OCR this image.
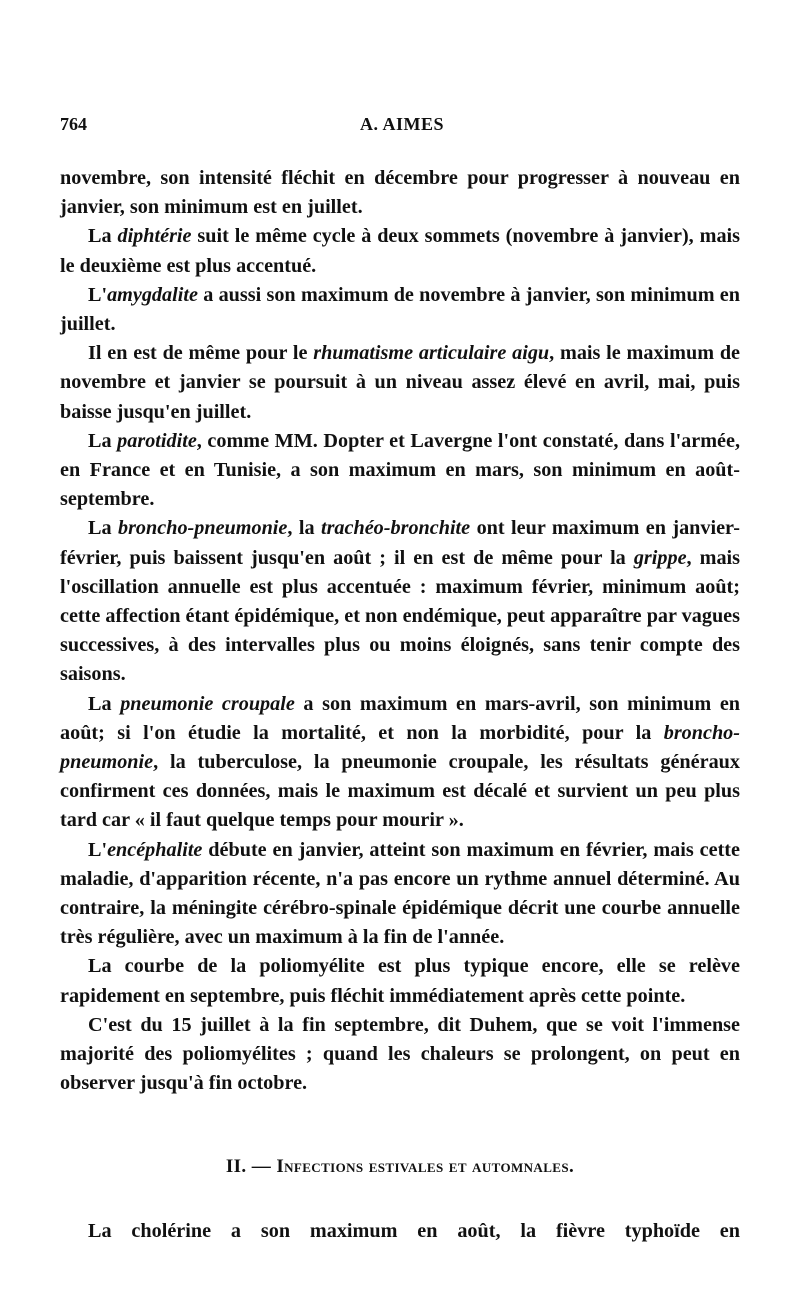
764	A. AIMES

novembre, son intensité fléchit en décembre pour progresser à nouveau en janvier, son minimum est en juillet.

La diphtérie suit le même cycle à deux sommets (novembre à janvier), mais le deuxième est plus accentué.

L'amygdalite a aussi son maximum de novembre à janvier, son minimum en juillet.

Il en est de même pour le rhumatisme articulaire aigu, mais le maximum de novembre et janvier se poursuit à un niveau assez élevé en avril, mai, puis baisse jusqu'en juillet.

La parotidite, comme MM. Dopter et Lavergne l'ont constaté, dans l'armée, en France et en Tunisie, a son maximum en mars, son minimum en août-septembre.

La broncho-pneumonie, la trachéo-bronchite ont leur maximum en janvier-février, puis baissent jusqu'en août ; il en est de même pour la grippe, mais l'oscillation annuelle est plus accentuée : maximum février, minimum août; cette affection étant épidémique, et non endémique, peut apparaître par vagues successives, à des intervalles plus ou moins éloignés, sans tenir compte des saisons.

La pneumonie croupale a son maximum en mars-avril, son minimum en août; si l'on étudie la mortalité, et non la morbidité, pour la broncho-pneumonie, la tuberculose, la pneumonie croupale, les résultats généraux confirment ces données, mais le maximum est décalé et survient un peu plus tard car « il faut quelque temps pour mourir ».

L'encéphalite débute en janvier, atteint son maximum en février, mais cette maladie, d'apparition récente, n'a pas encore un rythme annuel déterminé. Au contraire, la méningite cérébro-spinale épidémique décrit une courbe annuelle très régulière, avec un maximum à la fin de l'année.

La courbe de la poliomyélite est plus typique encore, elle se relève rapidement en septembre, puis fléchit immédiatement après cette pointe.

C'est du 15 juillet à la fin septembre, dit Duhem, que se voit l'immense majorité des poliomyélites ; quand les chaleurs se prolongent, on peut en observer jusqu'à fin octobre.

II. — Infections estivales et automnales.
La cholérine a son maximum en août, la fièvre typhoïde en
